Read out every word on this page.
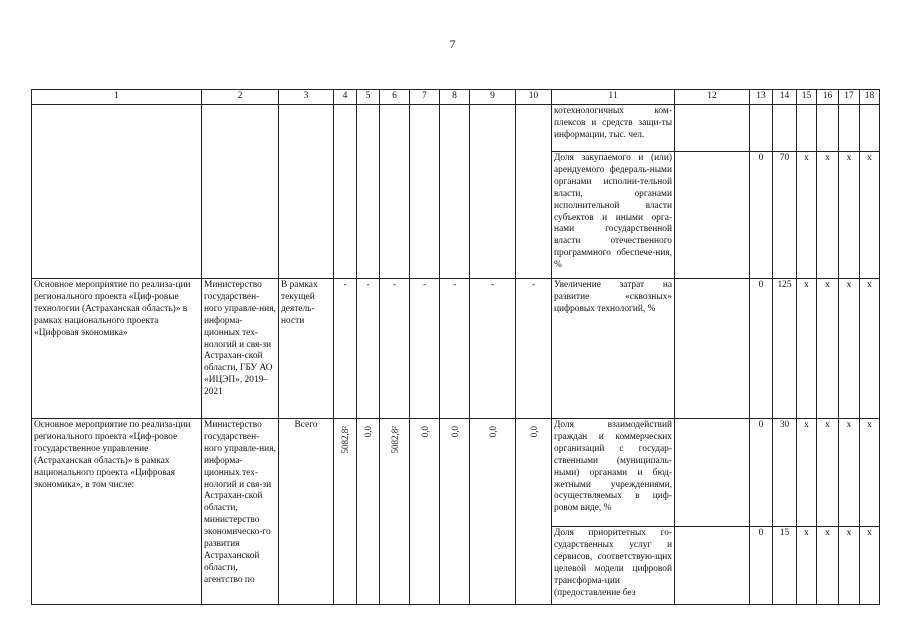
7
1	2	3	4	5	6	7	8	9	10	11	12	13	14	15	16	17	18
										котехнологичных ком-плексов и средств защи-ты информации, тыс. чел.							
										Доля закупаемого и (или) арендуемого федераль-ными органами исполни-тельной власти, органами исполнительной власти субъектов и иными орга-нами государственной власти отечественного программного обеспече-ния, %		0	70	x	x	x	x
Основное мероприятие по реализа-ции регионального проекта «Циф-ровые технологии (Астраханская область)» в рамках национального проекта «Цифровая экономика»	Министерство государствен-ного управле-ния, информа-ционных тех-нологий и свя-зи Астрахан-ской области, ГБУ АО «ИЦЭП», 2019–2021	В рамках текущей деятель-ности	-	-	-	-	-	-	-	Увеличение затрат на развитие «сквозных» цифровых технологий, %		0	125	x	x	x	x
Основное мероприятие по реализа-ции регионального проекта «Циф-ровое государственное управление (Астраханская область)» в рамках национального проекта «Цифровая экономика», в том числе:	Министерство государствен-ного управле-ния, информа-ционных тех-нологий и свя-зи Астрахан-ской области, министерство экономическо-го развития Астраханской области, агентство по	Всего	5082,8²	0,0	5082,8²	0,0	0,0	0,0	0,0	Доля взаимодействий граждан и коммерческих организаций с государ-ственными (муниципаль-ными) органами и бюд-жетными учреждениями, осуществляемых в циф-ровом виде, %		0	30	x	x	x	x
										Доля приоритетных го-сударственных услуг и сервисов, соответствую-щих целевой модели цифровой трансформа-ции (предоставление без		0	15	x	x	x	x
